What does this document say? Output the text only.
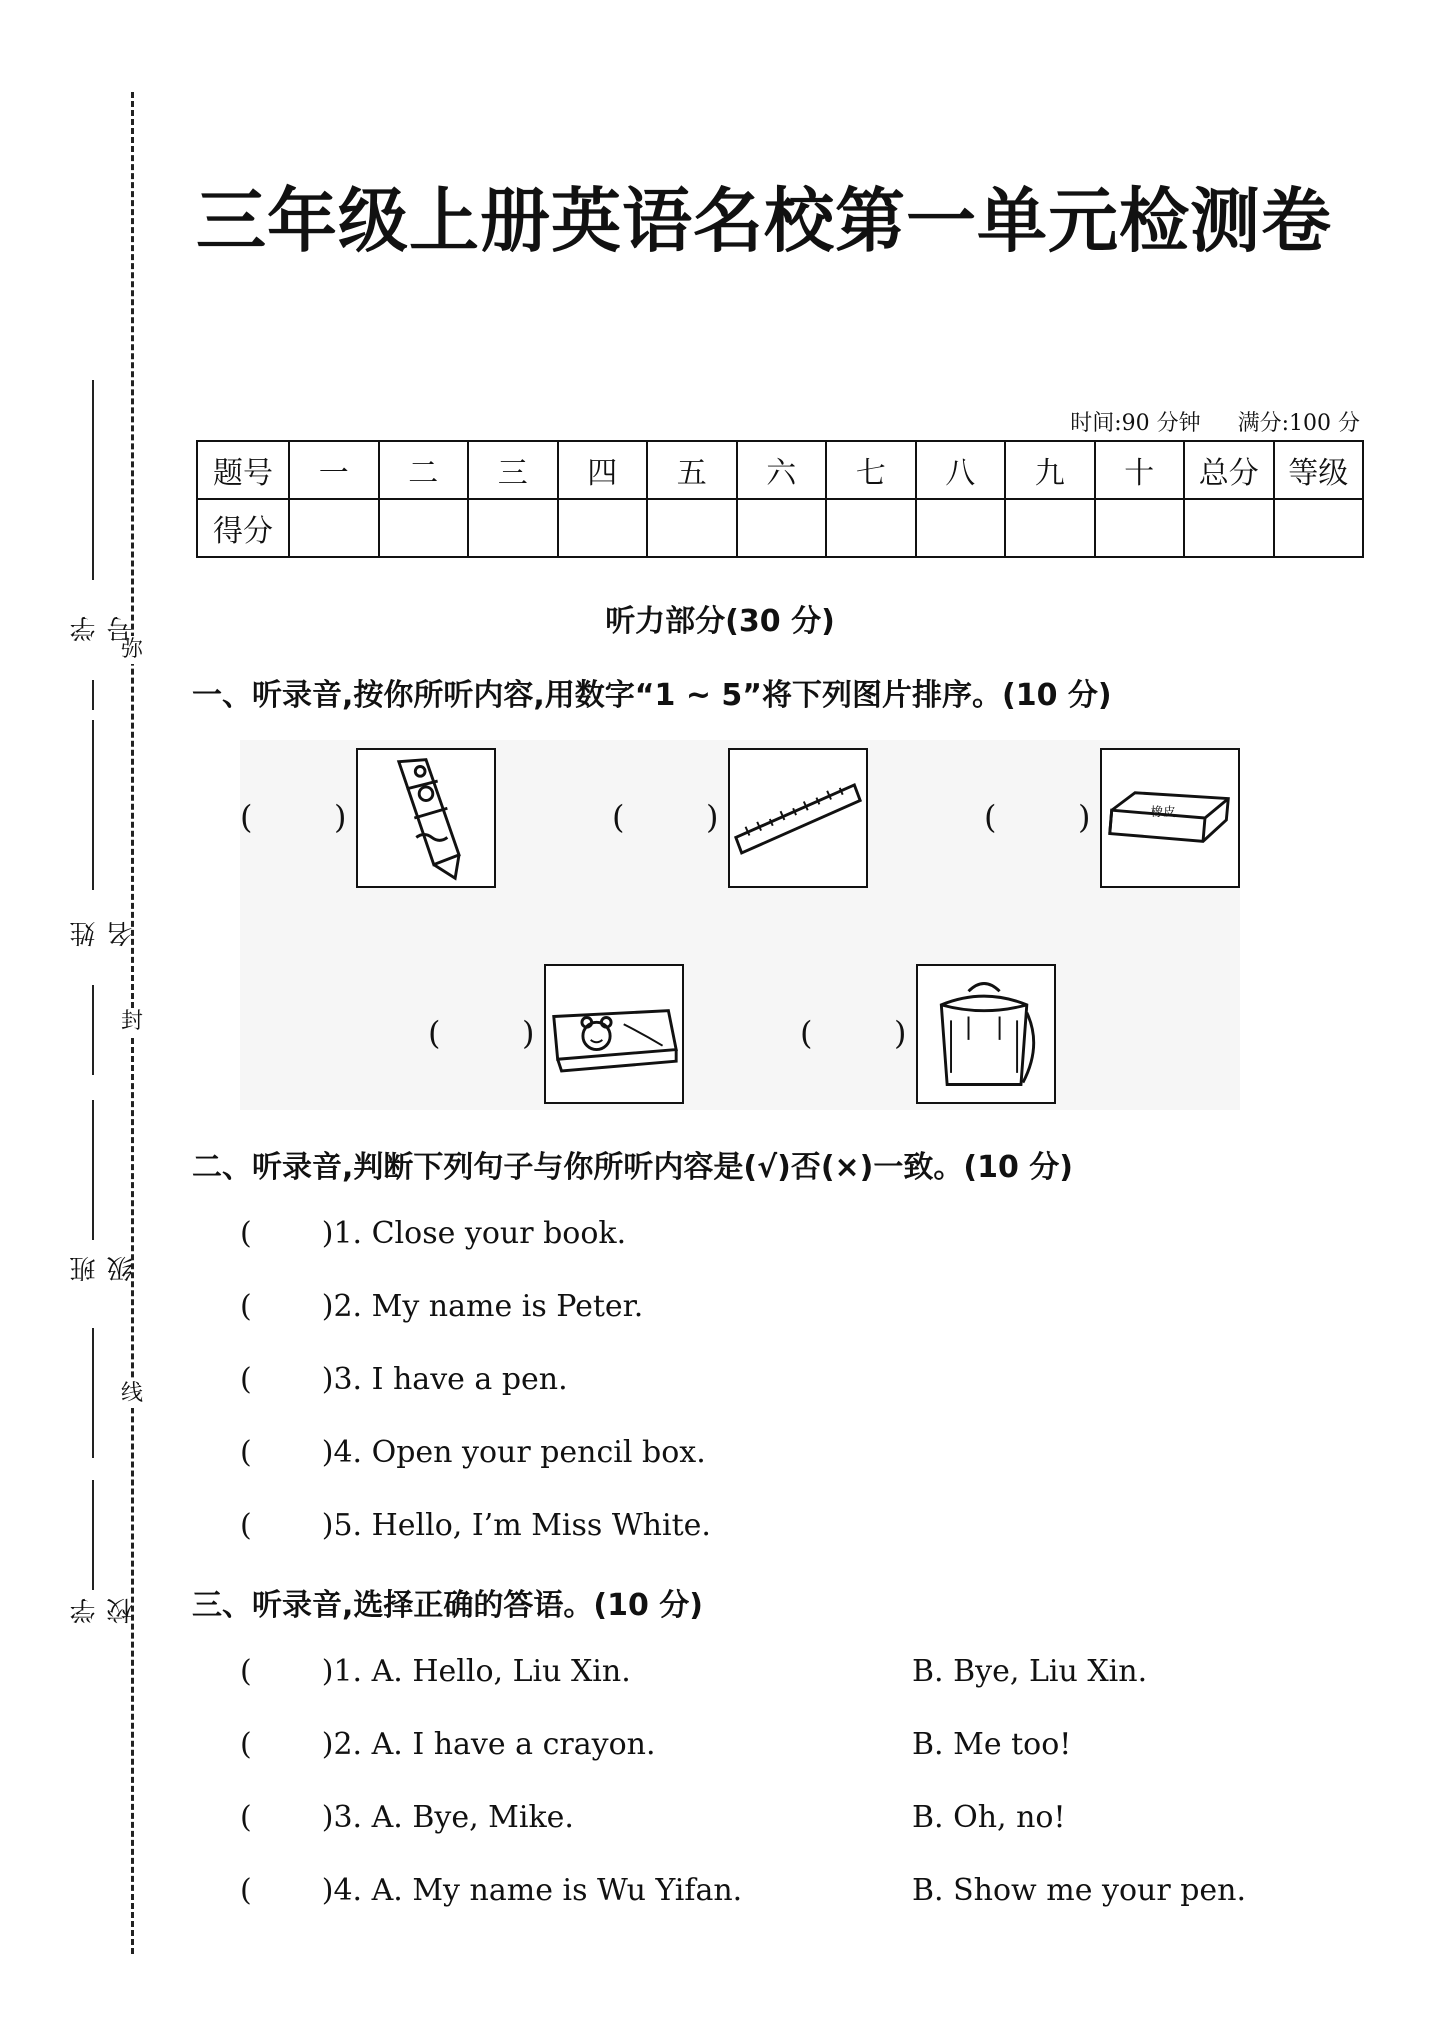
弥
封
线
学号
姓名
班级
学校
三年级上册英语名校第一单元检测卷
时间:90 分钟 满分:100 分
题号	一	二	三	四	五	六	七	八	九	十	总分	等级
得分												
听力部分(30 分)
一、听录音,按你所听内容,用数字“1 ~ 5”将下列图片排序。(10 分)
(	)	(	)	(	)	橡皮
(	)	(	)
二、听录音,判断下列句子与你所听内容是(√)否(×)一致。(10 分)
( )1. Close your book.
( )2. My name is Peter.
( )3. I have a pen.
( )4. Open your pencil box.
( )5. Hello, I’m Miss White.
三、听录音,选择正确的答语。(10 分)
( )1. A. Hello, Liu Xin.	B. Bye, Liu Xin.
( )2. A. I have a crayon.	B. Me too!
( )3. A. Bye, Mike.	B. Oh, no!
( )4. A. My name is Wu Yifan.	B. Show me your pen.
